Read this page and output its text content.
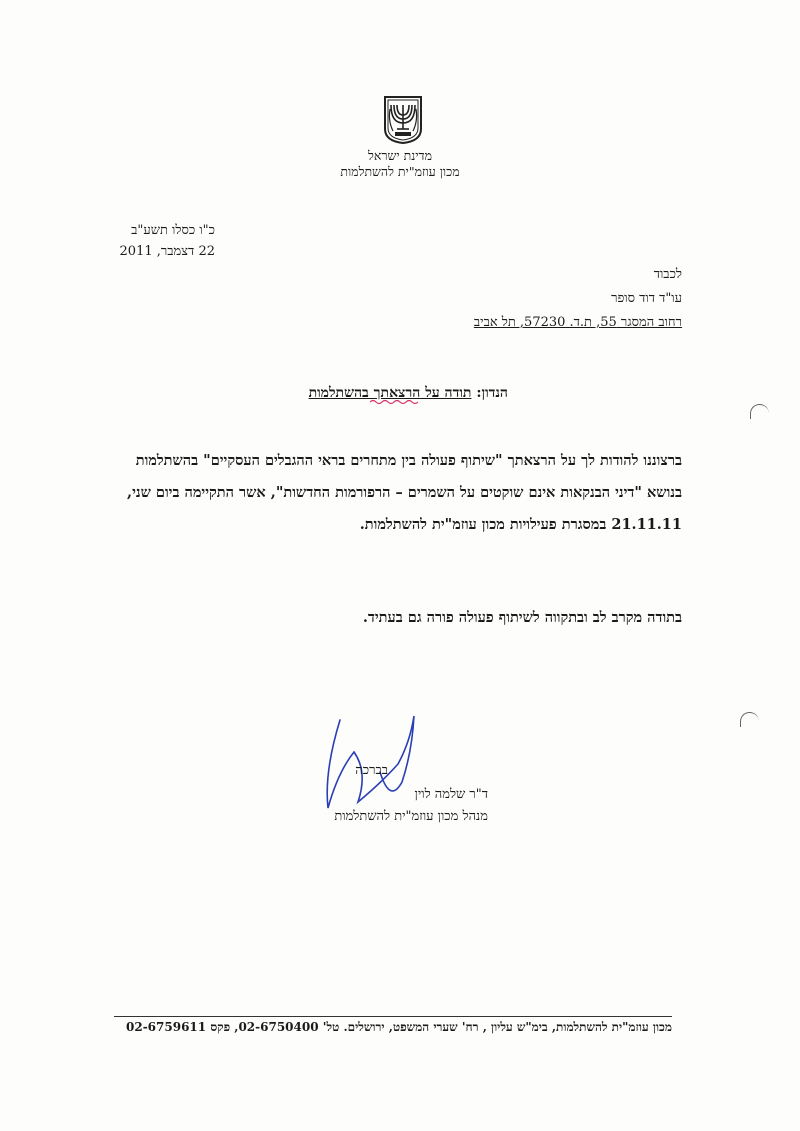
מדינת ישראל
מכון עוזמ"ית להשתלמות
כ"ו כסלו תשע"ב
22 דצמבר, 2011
לכבוד
עו"ד דוד סופר
רחוב המסגר 55, ת.ד. 57230, תל אביב
הנדון: תודה על הרצאתך בהשתלמות
ברצוננו להודות לך על הרצאתך "שיתוף פעולה בין מתחרים בראי ההגבלים העסקיים" בהשתלמות
בנושא "דיני הבנקאות אינם שוקטים על השמרים – הרפורמות החדשות", אשר התקיימה ביום שני,
21.11.11 במסגרת פעילויות מכון עוזמ"ית להשתלמות.
בתודה מקרב לב ובתקווה לשיתוף פעולה פורה גם בעתיד.
בברכה
ד"ר שלמה לוין
מנהל מכון עוזמ"ית להשתלמות
מכון עוזמ"ית להשתלמות, בימ"ש עליון , רח' שערי המשפט, ירושלים. טל' 02-6750400, פקס 02-6759611
